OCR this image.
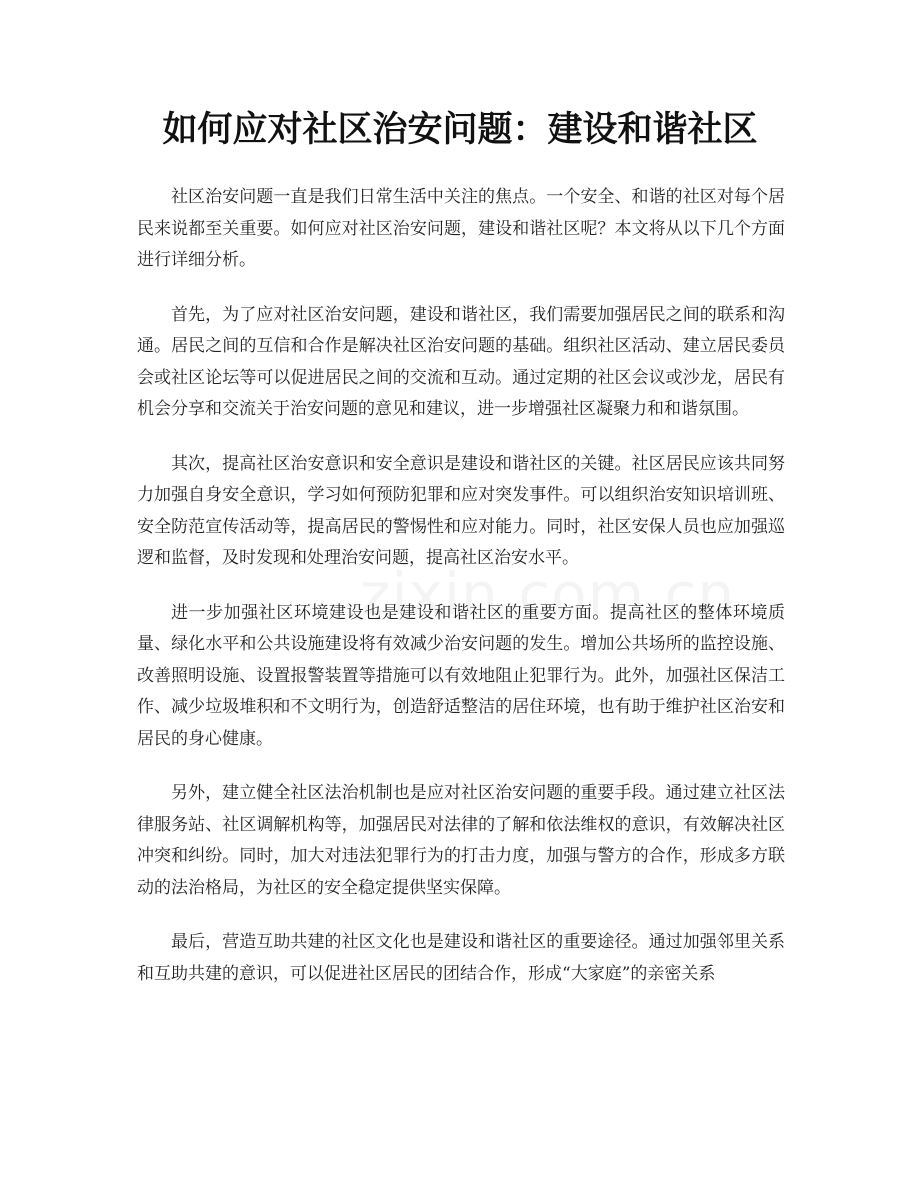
如何应对社区治安问题：建设和谐社区

社区治安问题一直是我们日常生活中关注的焦点。一个安全、和谐的社区对每个居民来说都至关重要。如何应对社区治安问题，建设和谐社区呢？本文将从以下几个方面进行详细分析。

首先，为了应对社区治安问题，建设和谐社区，我们需要加强居民之间的联系和沟通。居民之间的互信和合作是解决社区治安问题的基础。组织社区活动、建立居民委员会或社区论坛等可以促进居民之间的交流和互动。通过定期的社区会议或沙龙，居民有机会分享和交流关于治安问题的意见和建议，进一步增强社区凝聚力和和谐氛围。

其次，提高社区治安意识和安全意识是建设和谐社区的关键。社区居民应该共同努力加强自身安全意识，学习如何预防犯罪和应对突发事件。可以组织治安知识培训班、安全防范宣传活动等，提高居民的警惕性和应对能力。同时，社区安保人员也应加强巡逻和监督，及时发现和处理治安问题，提高社区治安水平。

进一步加强社区环境建设也是建设和谐社区的重要方面。提高社区的整体环境质量、绿化水平和公共设施建设将有效减少治安问题的发生。增加公共场所的监控设施、改善照明设施、设置报警装置等措施可以有效地阻止犯罪行为。此外，加强社区保洁工作、减少垃圾堆积和不文明行为，创造舒适整洁的居住环境，也有助于维护社区治安和居民的身心健康。

另外，建立健全社区法治机制也是应对社区治安问题的重要手段。通过建立社区法律服务站、社区调解机构等，加强居民对法律的了解和依法维权的意识，有效解决社区冲突和纠纷。同时，加大对违法犯罪行为的打击力度，加强与警方的合作，形成多方联动的法治格局，为社区的安全稳定提供坚实保障。

最后，营造互助共建的社区文化也是建设和谐社区的重要途径。通过加强邻里关系和互助共建的意识，可以促进社区居民的团结合作，形成“大家庭”的亲密关系
